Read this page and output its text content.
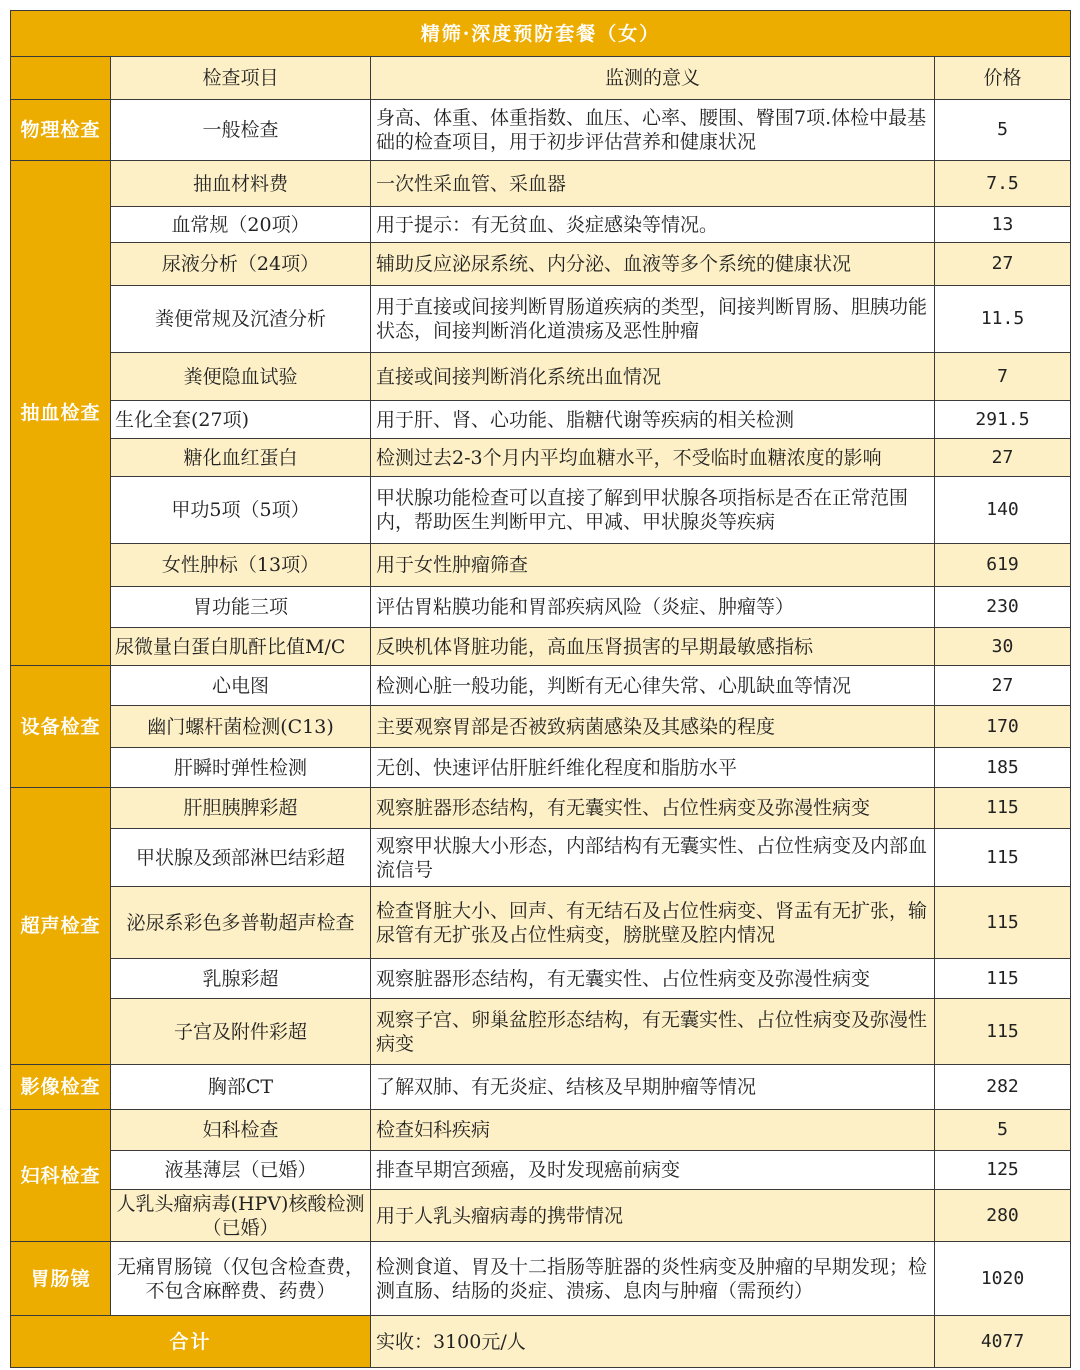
精筛·深度预防套餐（女）			
	检查项目	监测的意义	价格
物理检查	一般检查	身高、体重、体重指数、血压、心率、腰围、臀围7项.体检中最基础的检查项目，用于初步评估营养和健康状况	5
抽血检查	抽血材料费	一次性采血管、采血器	7.5
	血常规（20项）	用于提示：有无贫血、炎症感染等情况。	13
	尿液分析（24项）	辅助反应泌尿系统、内分泌、血液等多个系统的健康状况	27
	粪便常规及沉渣分析	用于直接或间接判断胃肠道疾病的类型，间接判断胃肠、胆胰功能状态，间接判断消化道溃疡及恶性肿瘤	11.5
	粪便隐血试验	直接或间接判断消化系统出血情况	7
	生化全套(27项)	用于肝、肾、心功能、脂糖代谢等疾病的相关检测	291.5
	糖化血红蛋白	检测过去2-3个月内平均血糖水平，不受临时血糖浓度的影响	27
	甲功5项（5项）	甲状腺功能检查可以直接了解到甲状腺各项指标是否在正常范围内，帮助医生判断甲亢、甲减、甲状腺炎等疾病	140
	女性肿标（13项）	用于女性肿瘤筛查	619
	胃功能三项	评估胃粘膜功能和胃部疾病风险（炎症、肿瘤等）	230
	尿微量白蛋白肌酐比值M/C	反映机体肾脏功能，高血压肾损害的早期最敏感指标	30
设备检查	心电图	检测心脏一般功能，判断有无心律失常、心肌缺血等情况	27
	幽门螺杆菌检测(C13)	主要观察胃部是否被致病菌感染及其感染的程度	170
	肝瞬时弹性检测	无创、快速评估肝脏纤维化程度和脂肪水平	185
超声检查	肝胆胰脾彩超	观察脏器形态结构，有无囊实性、占位性病变及弥漫性病变	115
	甲状腺及颈部淋巴结彩超	观察甲状腺大小形态，内部结构有无囊实性、占位性病变及内部血流信号	115
	泌尿系彩色多普勒超声检查	检查肾脏大小、回声、有无结石及占位性病变、肾盂有无扩张，输尿管有无扩张及占位性病变，膀胱壁及腔内情况	115
	乳腺彩超	观察脏器形态结构，有无囊实性、占位性病变及弥漫性病变	115
	子宫及附件彩超	观察子宫、卵巢盆腔形态结构，有无囊实性、占位性病变及弥漫性病变	115
影像检查	胸部CT	了解双肺、有无炎症、结核及早期肿瘤等情况	282
妇科检查	妇科检查	检查妇科疾病	5
	液基薄层（已婚）	排查早期宫颈癌，及时发现癌前病变	125
	人乳头瘤病毒(HPV)核酸检测（已婚）	用于人乳头瘤病毒的携带情况	280
胃肠镜	无痛胃肠镜（仅包含检查费，不包含麻醉费、药费）	检测食道、胃及十二指肠等脏器的炎性病变及肿瘤的早期发现；检测直肠、结肠的炎症、溃疡、息肉与肿瘤（需预约）	1020
合计		实收：3100元/人	4077
